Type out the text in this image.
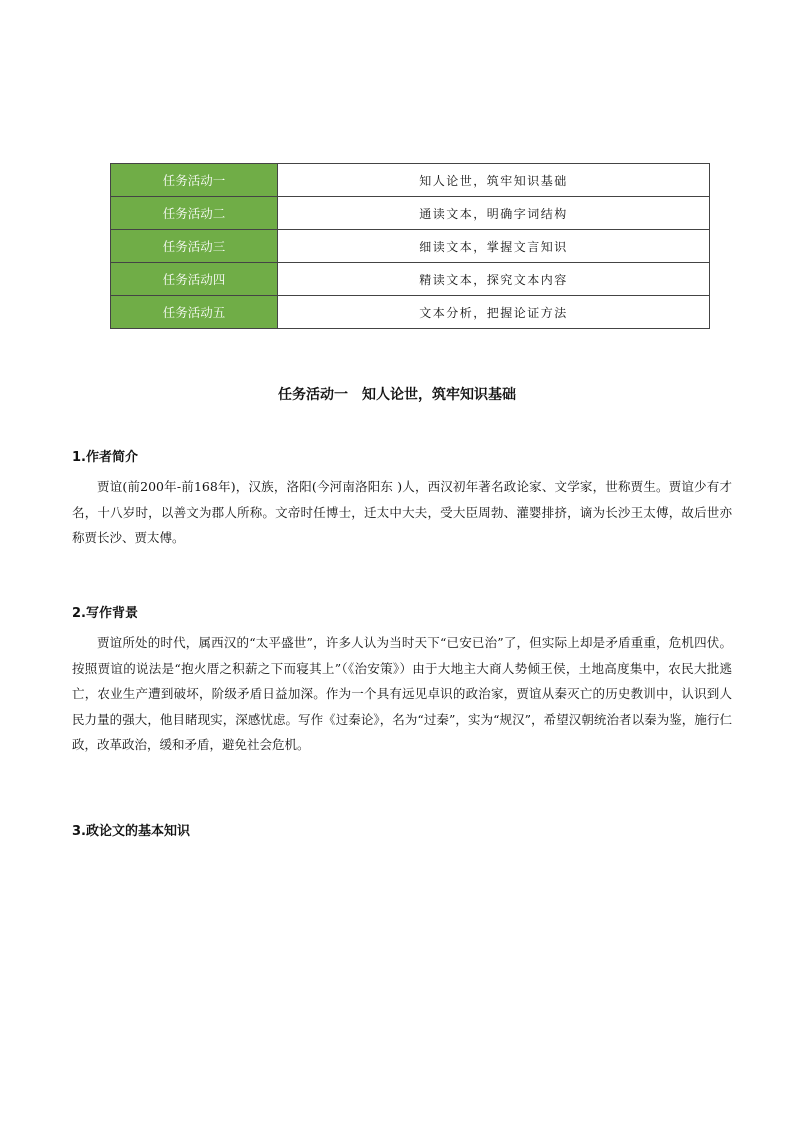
任务活动一	知人论世，筑牢知识基础
任务活动二	通读文本，明确字词结构
任务活动三	细读文本，掌握文言知识
任务活动四	精读文本，探究文本内容
任务活动五	文本分析，把握论证方法
任务活动一　知人论世，筑牢知识基础
1.作者简介

贾谊(前200年-前168年)，汉族，洛阳(今河南洛阳东 )人，西汉初年著名政论家、文学家，世称贾生。贾谊少有才名，十八岁时，以善文为郡人所称。文帝时任博士，迁太中大夫，受大臣周勃、灌婴排挤，谪为长沙王太傅，故后世亦称贾长沙、贾太傅。

2.写作背景

贾谊所处的时代，属西汉的“太平盛世”，许多人认为当时天下“已安已治”了，但实际上却是矛盾重重，危机四伏。按照贾谊的说法是“抱火厝之积薪之下而寝其上”（《治安策》）由于大地主大商人势倾王侯，土地高度集中，农民大批逃亡，农业生产遭到破坏，阶级矛盾日益加深。作为一个具有远见卓识的政治家，贾谊从秦灭亡的历史教训中，认识到人民力量的强大，他目睹现实，深感忧虑。写作《过秦论》，名为“过秦”，实为“规汉”，希望汉朝统治者以秦为鉴，施行仁政，改革政治，缓和矛盾，避免社会危机。

3.政论文的基本知识
